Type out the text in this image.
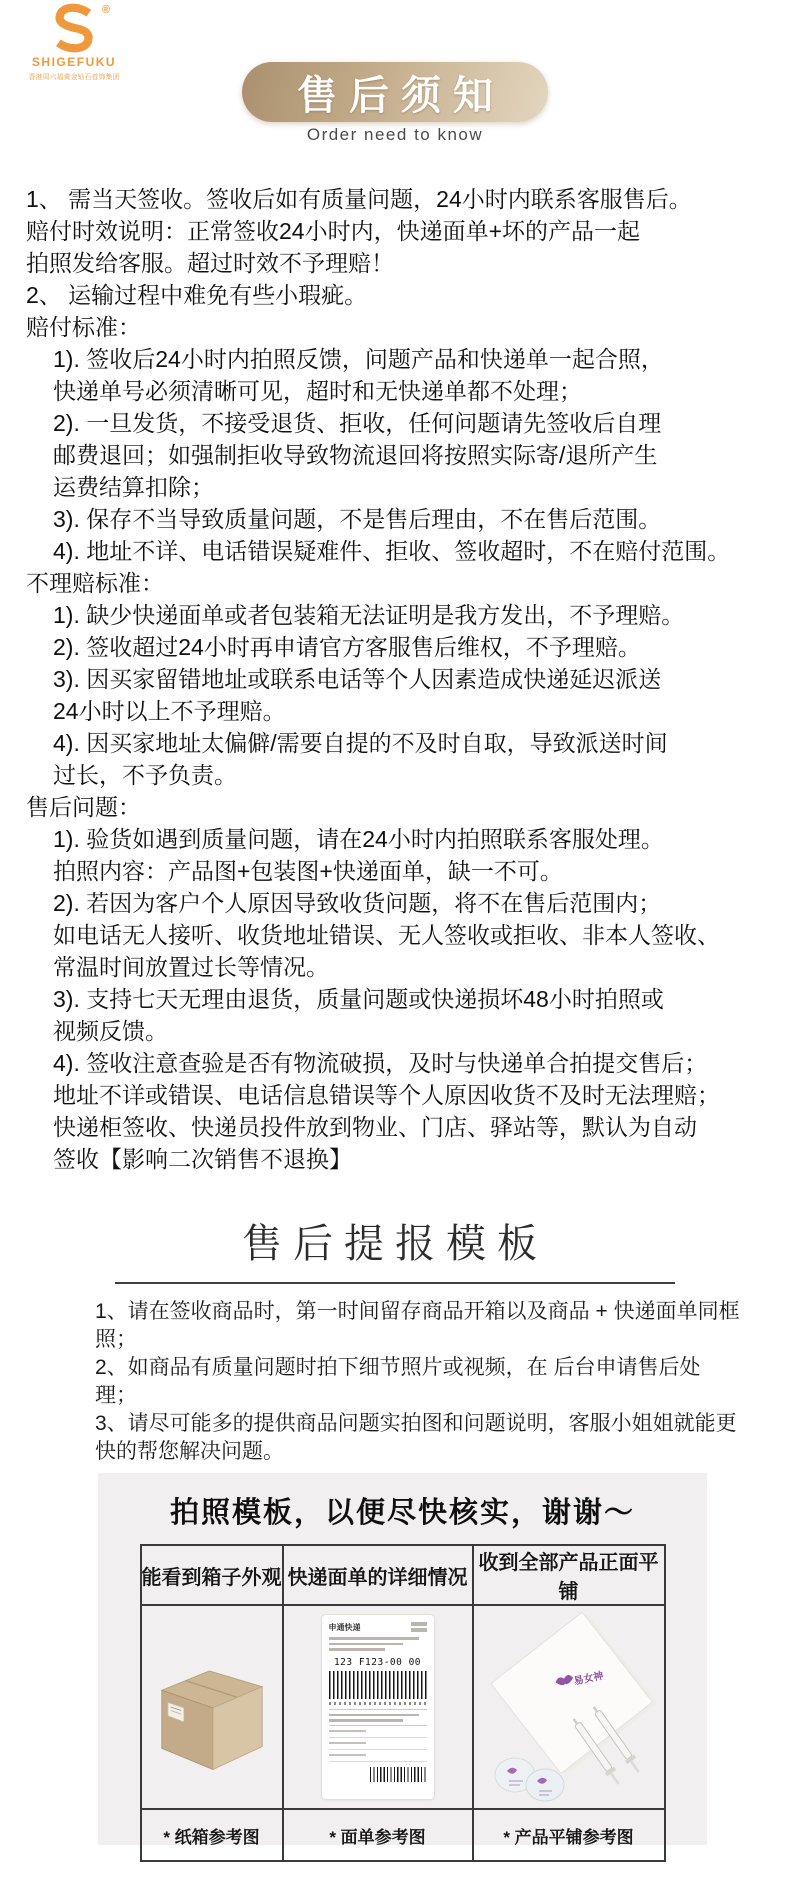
®
SHIGEFUKU
香港周六福黄金钻石首饰集团	售后须知
Order need to know

1、 需当天签收。签收后如有质量问题，24小时内联系客服售后。

赔付时效说明：正常签收24小时内，快递面单+坏的产品一起

拍照发给客服。超过时效不予理赔！

2、 运输过程中难免有些小瑕疵。

赔付标准：

1). 签收后24小时内拍照反馈，问题产品和快递单一起合照，

快递单号必须清晰可见，超时和无快递单都不处理；

2). 一旦发货，不接受退货、拒收，任何问题请先签收后自理

邮费退回；如强制拒收导致物流退回将按照实际寄/退所产生

运费结算扣除；

3). 保存不当导致质量问题，不是售后理由，不在售后范围。

4). 地址不详、电话错误疑难件、拒收、签收超时，不在赔付范围。

不理赔标准：

1). 缺少快递面单或者包装箱无法证明是我方发出，不予理赔。

2). 签收超过24小时再申请官方客服售后维权，不予理赔。

3). 因买家留错地址或联系电话等个人因素造成快递延迟派送

24小时以上不予理赔。

4). 因买家地址太偏僻/需要自提的不及时自取，导致派送时间

过长，不予负责。

售后问题：

1). 验货如遇到质量问题，请在24小时内拍照联系客服处理。

拍照内容：产品图+包装图+快递面单，缺一不可。

2). 若因为客户个人原因导致收货问题，将不在售后范围内；

如电话无人接听、收货地址错误、无人签收或拒收、非本人签收、

常温时间放置过长等情况。

3). 支持七天无理由退货，质量问题或快递损坏48小时拍照或

视频反馈。

4). 签收注意查验是否有物流破损，及时与快递单合拍提交售后；

地址不详或错误、电话信息错误等个人原因收货不及时无法理赔；

快递柜签收、快递员投件放到物业、门店、驿站等，默认为自动

签收【影响二次销售不退换】

售后提报模板

1、请在签收商品时，第一时间留存商品开箱以及商品 + 快递面单同框照；

2、如商品有质量问题时拍下细节照片或视频，在 后台申请售后处理；

3、请尽可能多的提供商品问题实拍图和问题说明，客服小姐姐就能更快的帮您解决问题。

拍照模板，以便尽快核实，谢谢～
能看到箱子外观	快递面单的详细情况	收到全部产品正面平铺

申通快递
123 F123-00 00	易女神

* 纸箱参考图	* 面单参考图	* 产品平铺参考图
